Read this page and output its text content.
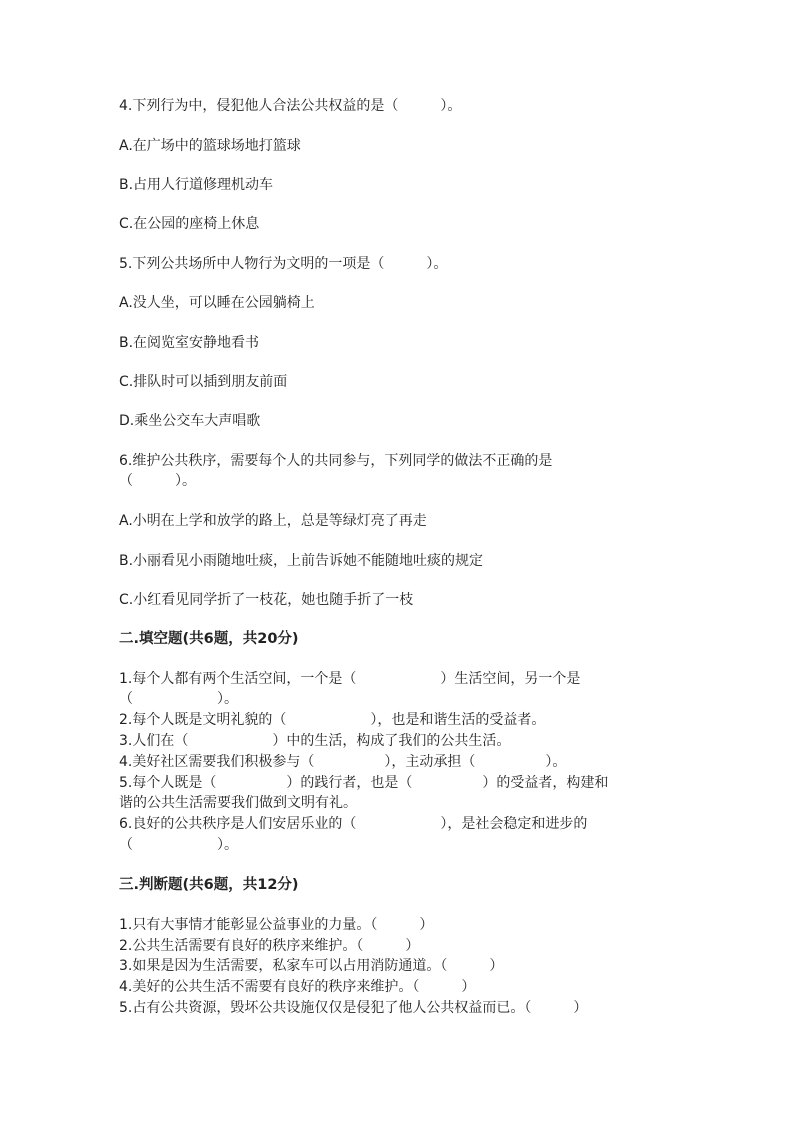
4.下列行为中，侵犯他人合法公共权益的是（　　　）。
A.在广场中的篮球场地打篮球
B.占用人行道修理机动车
C.在公园的座椅上休息
5.下列公共场所中人物行为文明的一项是（　　　）。
A.没人坐，可以睡在公园躺椅上
B.在阅览室安静地看书
C.排队时可以插到朋友前面
D.乘坐公交车大声唱歌
6.维护公共秩序，需要每个人的共同参与，下列同学的做法不正确的是
（　　　）。
A.小明在上学和放学的路上，总是等绿灯亮了再走
B.小丽看见小雨随地吐痰，上前告诉她不能随地吐痰的规定
C.小红看见同学折了一枝花，她也随手折了一枝
二.填空题(共6题，共20分)
1.每个人都有两个生活空间，一个是（　　　　　　）生活空间，另一个是
（　　　　　　）。
2.每个人既是文明礼貌的（　　　　　　），也是和谐生活的受益者。
3.人们在（　　　　　　）中的生活，构成了我们的公共生活。
4.美好社区需要我们积极参与（　　　　　），主动承担（　　　　　）。
5.每个人既是（　　　　　）的践行者，也是（　　　　　）的受益者，构建和
谐的公共生活需要我们做到文明有礼。
6.良好的公共秩序是人们安居乐业的（　　　　　　），是社会稳定和进步的
（　　　　　　）。
三.判断题(共6题，共12分)
1.只有大事情才能彰显公益事业的力量。（　　　）
2.公共生活需要有良好的秩序来维护。（　　　）
3.如果是因为生活需要，私家车可以占用消防通道。（　　　）
4.美好的公共生活不需要有良好的秩序来维护。（　　　）
5.占有公共资源，毁坏公共设施仅仅是侵犯了他人公共权益而已。（　　　）
